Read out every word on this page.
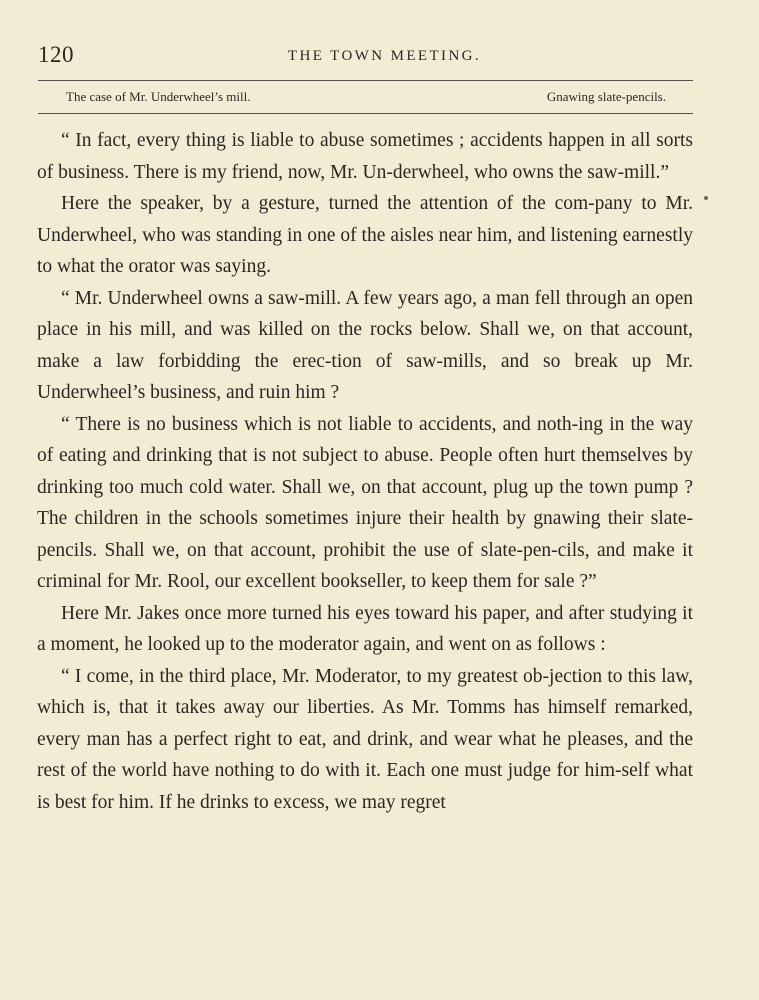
120	THE TOWN MEETING.
The case of Mr. Underwheel’s mill.	Gnawing slate-pencils.

“ In fact, every thing is liable to abuse sometimes ; accidents happen in all sorts of business. There is my friend, now, Mr. Un-derwheel, who owns the saw-mill.”

Here the speaker, by a gesture, turned the attention of the com-pany to Mr. Underwheel, who was standing in one of the aisles near him, and listening earnestly to what the orator was saying.

“ Mr. Underwheel owns a saw-mill. A few years ago, a man fell through an open place in his mill, and was killed on the rocks below. Shall we, on that account, make a law forbidding the erec-tion of saw-mills, and so break up Mr. Underwheel’s business, and ruin him ?

“ There is no business which is not liable to accidents, and noth-ing in the way of eating and drinking that is not subject to abuse. People often hurt themselves by drinking too much cold water. Shall we, on that account, plug up the town pump ? The children in the schools sometimes injure their health by gnawing their slate-pencils. Shall we, on that account, prohibit the use of slate-pen-cils, and make it criminal for Mr. Rool, our excellent bookseller, to keep them for sale ?”

Here Mr. Jakes once more turned his eyes toward his paper, and after studying it a moment, he looked up to the moderator again, and went on as follows :

“ I come, in the third place, Mr. Moderator, to my greatest ob-jection to this law, which is, that it takes away our liberties. As Mr. Tomms has himself remarked, every man has a perfect right to eat, and drink, and wear what he pleases, and the rest of the world have nothing to do with it. Each one must judge for him-self what is best for him. If he drinks to excess, we may regret
